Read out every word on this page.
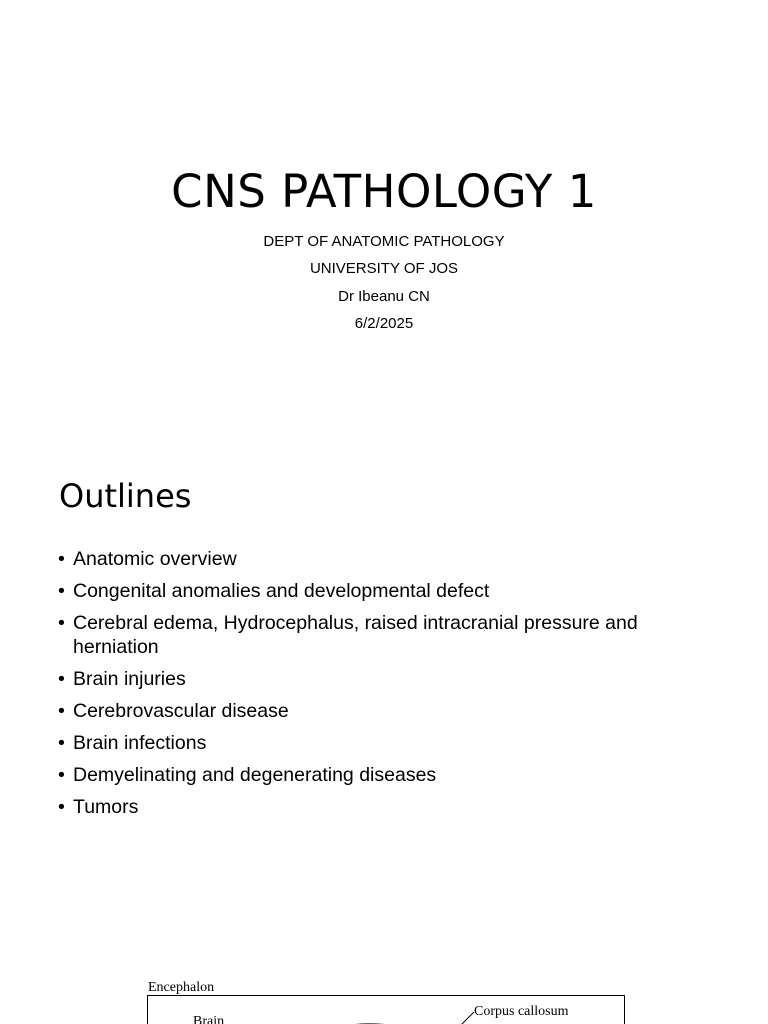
CNS PATHOLOGY 1
DEPT OF ANATOMIC PATHOLOGY
UNIVERSITY OF JOS
Dr Ibeanu CN
6/2/2025
Outlines
• Anatomic overview
• Congenital anomalies and developmental defect
• Cerebral edema, Hydrocephalus, raised intracranial pressure and herniation
• Brain injuries
• Cerebrovascular disease
• Brain infections
• Demyelinating and degenerating diseases
• Tumors
Encephalon
Brain
Corpus callosum
